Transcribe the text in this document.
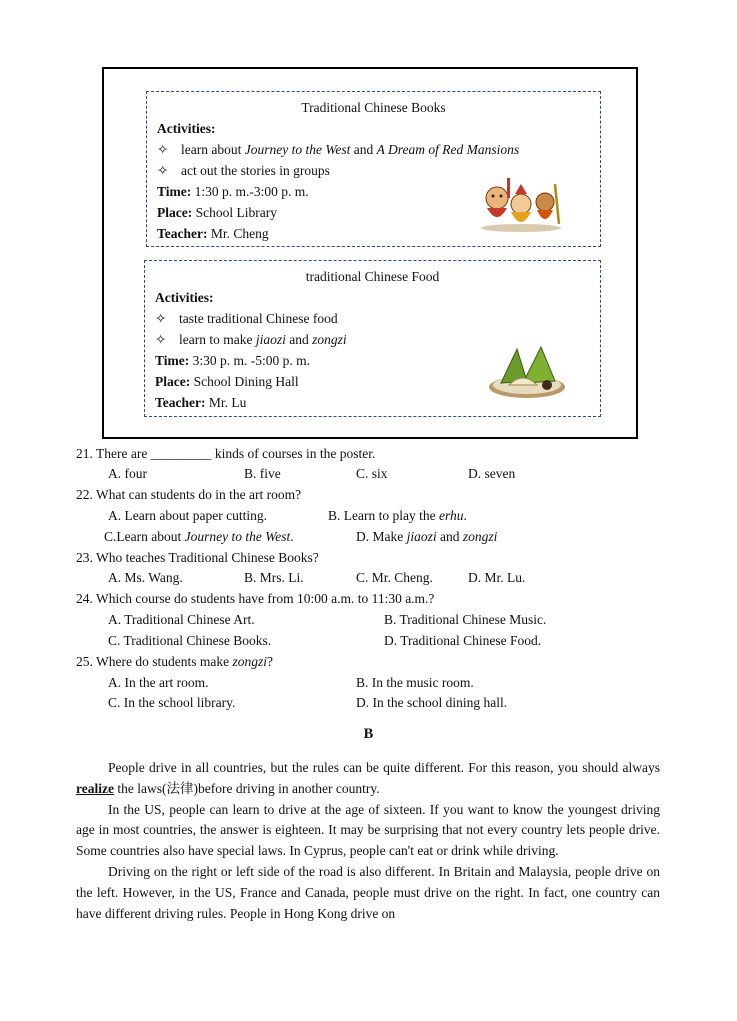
Traditional Chinese Books
Activities:
✧ learn about Journey to the West and A Dream of Red Mansions
✧ act out the stories in groups
Time: 1:30 p. m.-3:00 p. m.
Place: School Library
Teacher: Mr. Cheng
traditional Chinese Food
Activities:
✧ taste traditional Chinese food
✧ learn to make jiaozi and zongzi
Time: 3:30 p. m. -5:00 p. m.
Place: School Dining Hall
Teacher: Mr. Lu
21. There are _________ kinds of courses in the poster.
A. four	B. five	C. six	D. seven
22. What can students do in the art room?
A. Learn about paper cutting.	B. Learn to play the erhu.
C.Learn about Journey to the West.	D. Make jiaozi and zongzi
23. Who teaches Traditional Chinese Books?
A. Ms. Wang.	B. Mrs. Li.	C. Mr. Cheng.	D. Mr. Lu.
24. Which course do students have from 10:00 a.m. to 11:30 a.m.?
A. Traditional Chinese Art.	B. Traditional Chinese Music.
C. Traditional Chinese Books.	D. Traditional Chinese Food.
25. Where do students make zongzi?
A. In the art room.	B. In the music room.
C. In the school library.	D. In the school dining hall.
B

People drive in all countries, but the rules can be quite different. For this reason, you should always realize the laws(法律)before driving in another country.

In the US, people can learn to drive at the age of sixteen. If you want to know the youngest driving age in most countries, the answer is eighteen. It may be surprising that not every country lets people drive. Some countries also have special laws. In Cyprus, people can't eat or drink while driving.

Driving on the right or left side of the road is also different. In Britain and Malaysia, people drive on the left. However, in the US, France and Canada, people must drive on the right. In fact, one country can have different driving rules. People in Hong Kong drive on
